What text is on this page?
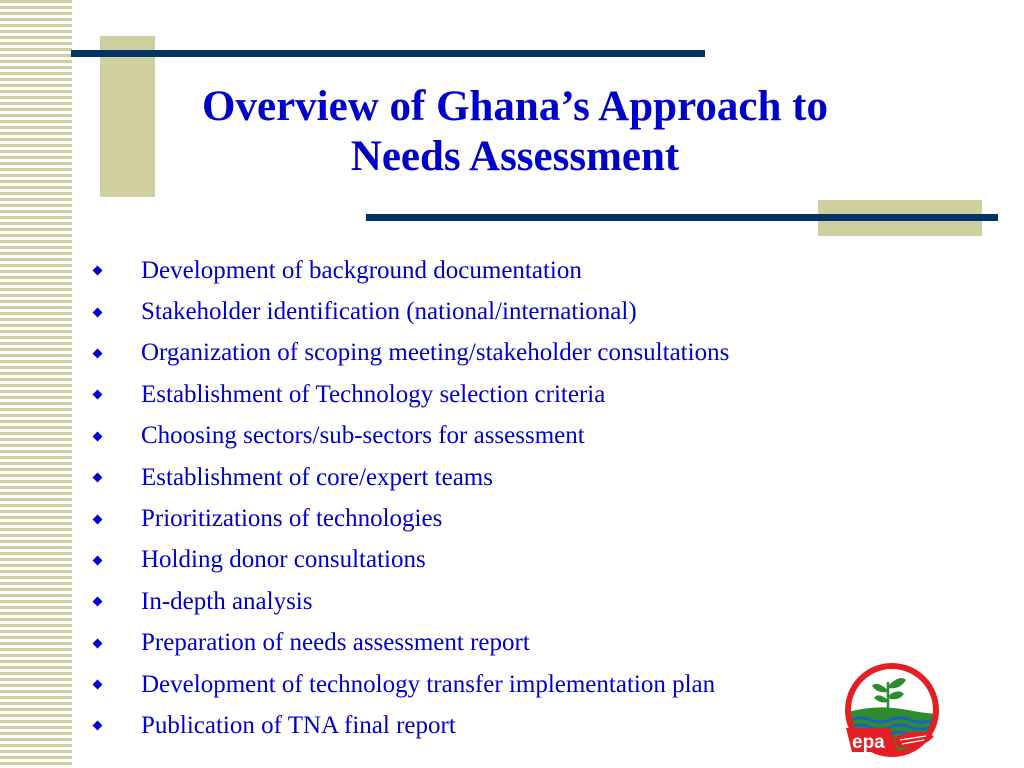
Overview of Ghana’s Approach to
Needs Assessment
Development of background documentation
Stakeholder identification (national/international)
Organization of scoping meeting/stakeholder consultations
Establishment of Technology selection criteria
Choosing sectors/sub-sectors for assessment
Establishment of core/expert teams
Prioritizations of technologies
Holding donor consultations
In-depth analysis
Preparation of needs assessment report
Development of technology transfer implementation plan
Publication of TNA final report
epa
